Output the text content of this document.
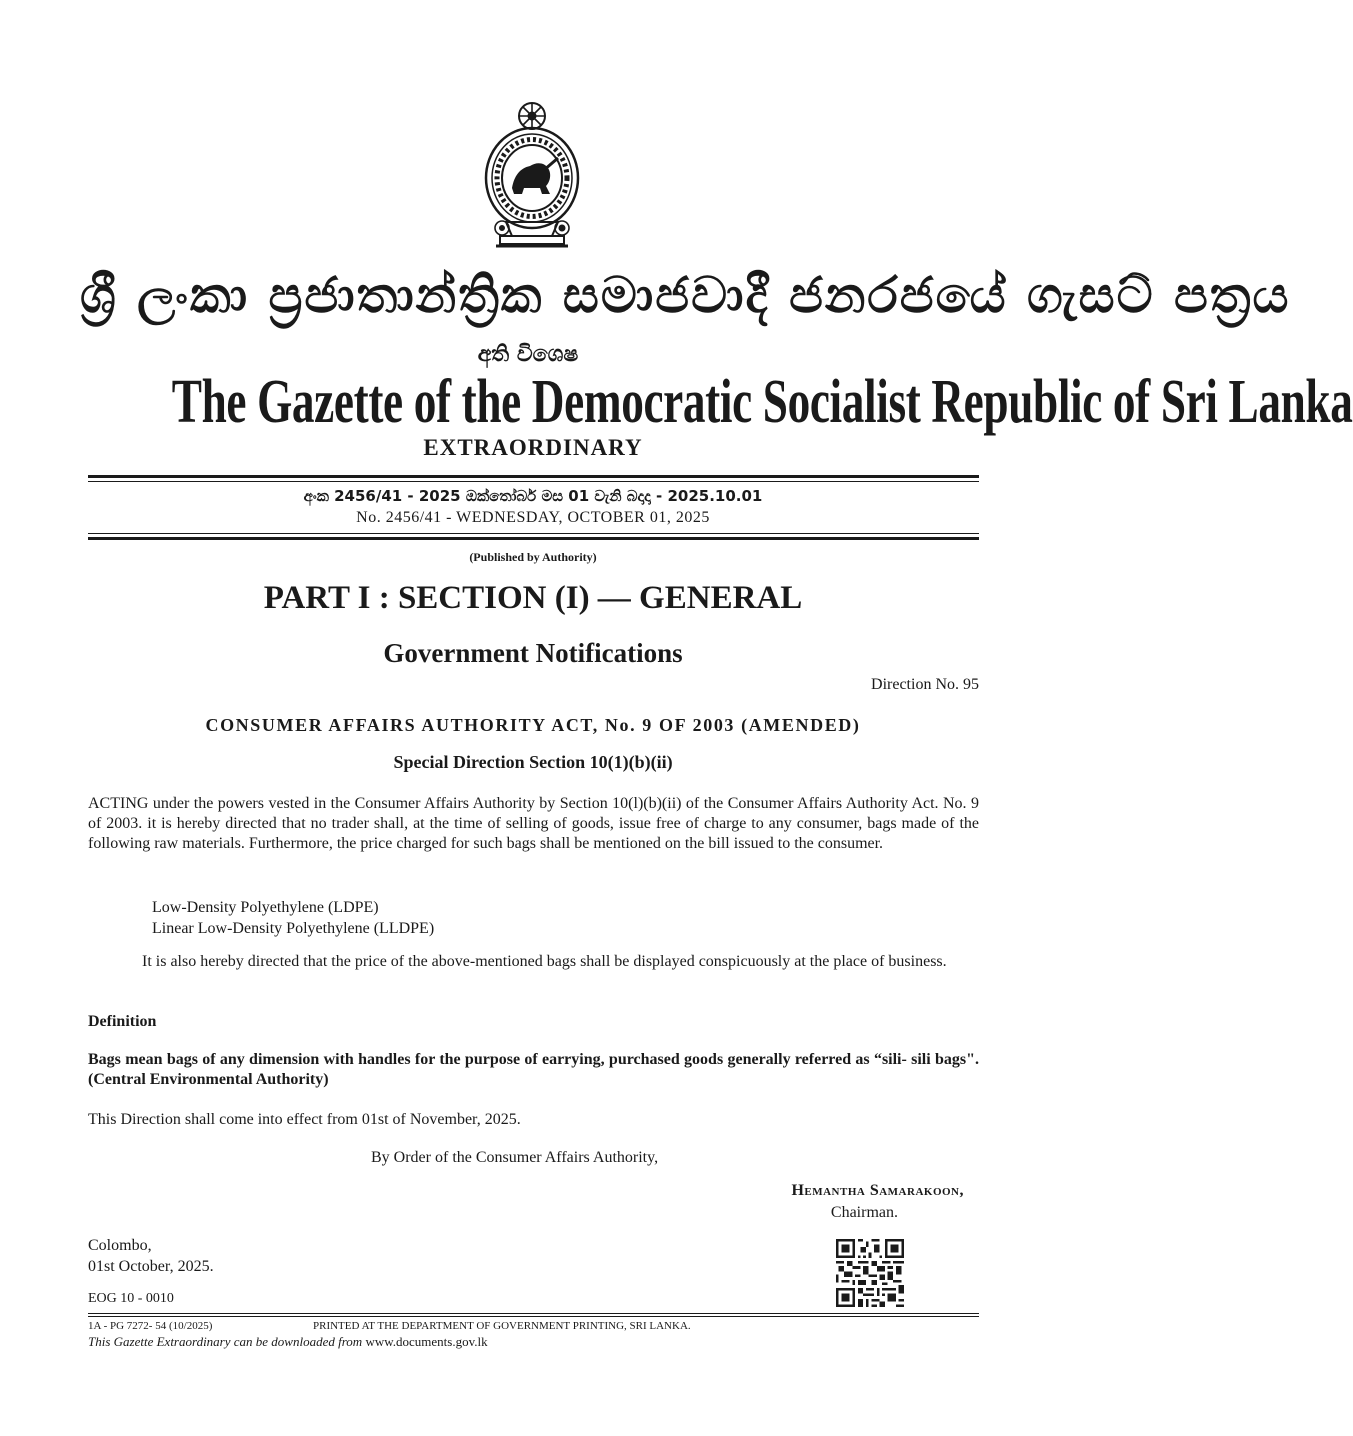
ශ්‍රී ලංකා ප්‍රජාතාන්ත්‍රික සමාජවාදී ජනරජයේ ගැසට් පත්‍රය
අති විශෙෂ
The Gazette of the Democratic Socialist Republic of Sri Lanka
EXTRAORDINARY
අංක 2456/41 - 2025 ඔක්තෝබර් මස 01 වැනි බදාදා - 2025.10.01
No. 2456/41 - WEDNESDAY, OCTOBER 01, 2025
(Published by Authority)
PART I : SECTION (I) — GENERAL
Government Notifications
Direction No. 95
CONSUMER AFFAIRS AUTHORITY ACT, No. 9 OF 2003 (AMENDED)
Special Direction Section 10(1)(b)(ii)
ACTING under the powers vested in the Consumer Affairs Authority by Section 10(l)(b)(ii) of the Consumer Affairs Authority Act. No. 9 of 2003. it is hereby directed that no trader shall, at the time of selling of goods, issue free of charge to any consumer, bags made of the following raw materials. Furthermore, the price charged for such bags shall be mentioned on the bill issued to the consumer.
Low-Density Polyethylene (LDPE)
Linear Low-Density Polyethylene (LLDPE)
It is also hereby directed that the price of the above-mentioned bags shall be displayed conspicuously at the place of business.
Definition
Bags mean bags of any dimension with handles for the purpose of earrying, purchased goods generally referred as “sili- sili bags". (Central Environmental Authority)
This Direction shall come into effect from 01st of November, 2025.
By Order of the Consumer Affairs Authority,
Hemantha Samarakoon,
Chairman.
Colombo,
01st October, 2025.
EOG 10 - 0010
1A - PG 7272- 54 (10/2025)	PRINTED AT THE DEPARTMENT OF GOVERNMENT PRINTING, SRI LANKA.
This Gazette Extraordinary can be downloaded from www.documents.gov.lk
